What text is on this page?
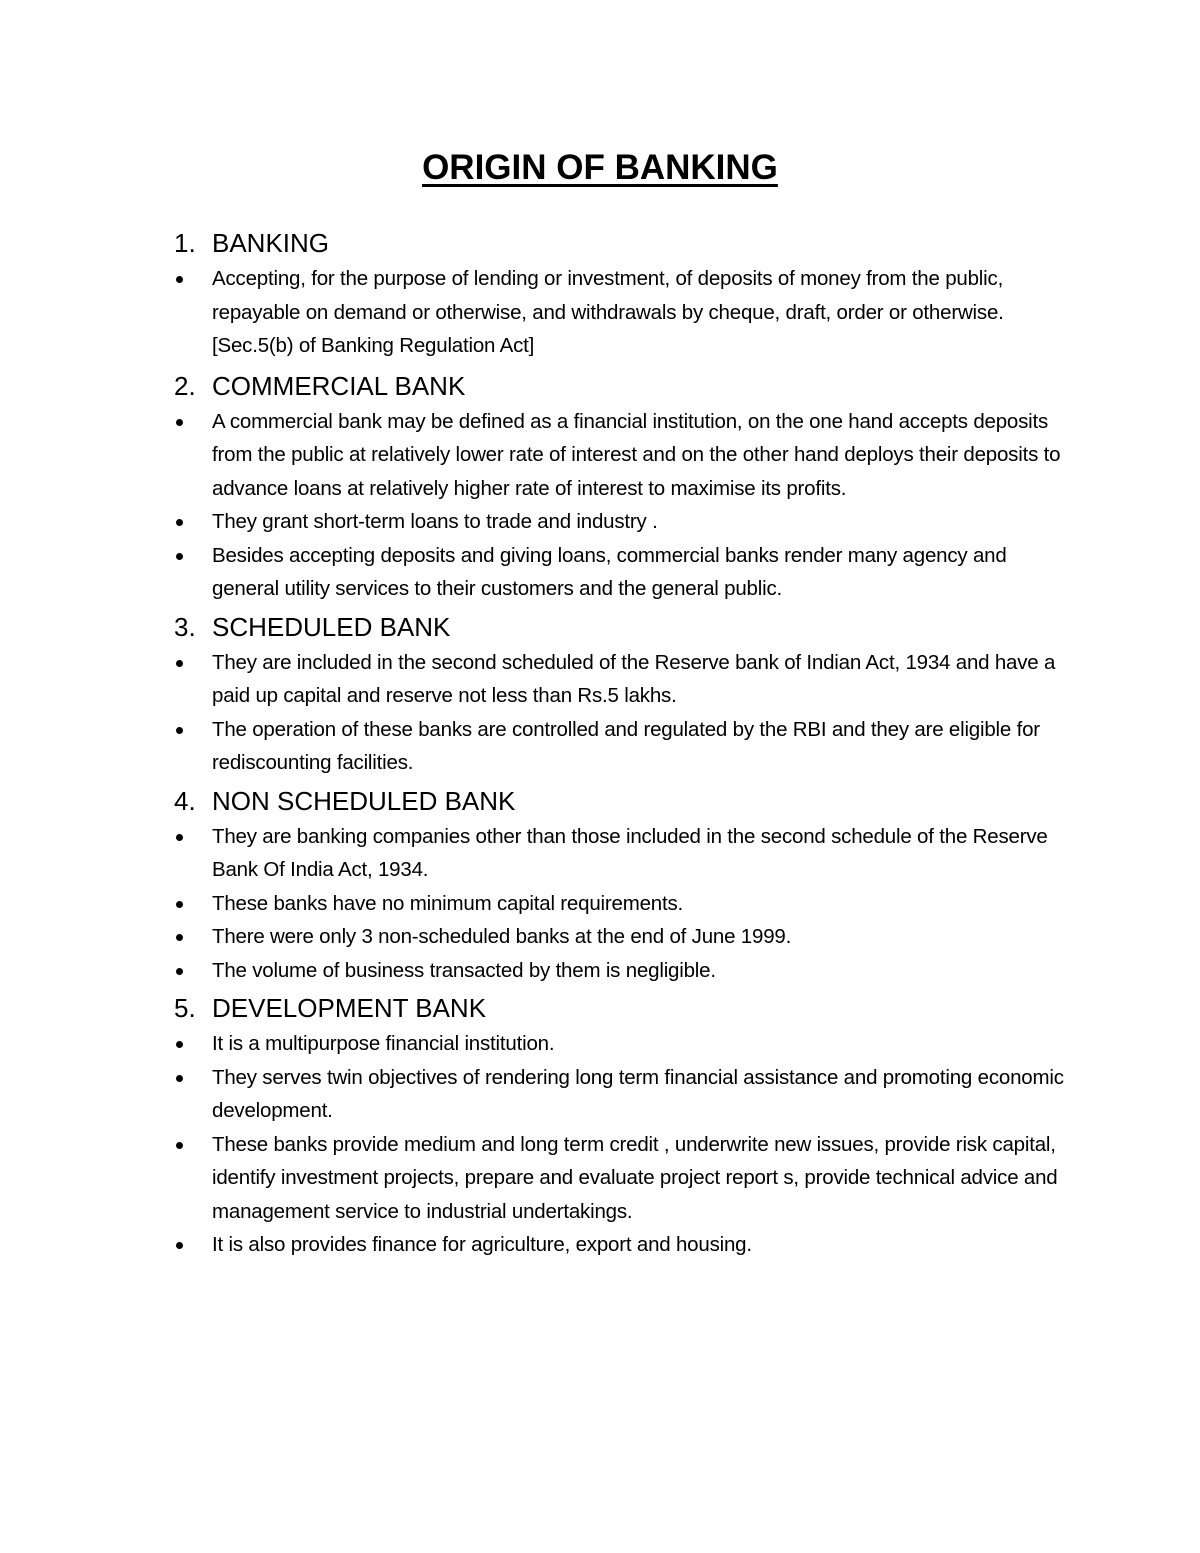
ORIGIN OF BANKING
1. BANKING
Accepting, for the purpose of lending or investment, of deposits of money from the public, repayable on demand or otherwise, and withdrawals by cheque, draft, order or otherwise.[Sec.5(b) of Banking Regulation Act]
2. COMMERCIAL BANK
A commercial bank may be defined as a financial institution, on the one hand accepts deposits from the public at relatively lower rate of interest and on the other hand deploys their deposits to advance loans at relatively higher rate of interest to maximise its profits.
They grant short-term loans to trade and industry .
Besides accepting deposits and giving loans, commercial banks render many agency and general utility services to their customers and the general public.
3. SCHEDULED BANK
They are included in the second scheduled of the Reserve bank of Indian Act, 1934 and have a paid up capital and reserve not less than Rs.5 lakhs.
The operation of these banks are controlled and regulated by the RBI and they are eligible for rediscounting facilities.
4. NON SCHEDULED BANK
They are banking companies other than those included in the second schedule of the Reserve Bank Of India Act, 1934.
These banks have no minimum capital requirements.
There were only 3 non-scheduled banks at the end of June 1999.
The volume of business transacted by them is negligible.
5. DEVELOPMENT BANK
It is a multipurpose financial institution.
They serves twin objectives of rendering long term financial assistance and promoting economic development.
These banks provide medium and long term credit , underwrite new issues, provide risk capital, identify investment projects, prepare and evaluate project report s, provide technical advice and management service to industrial undertakings.
It is also provides finance for agriculture, export and housing.
